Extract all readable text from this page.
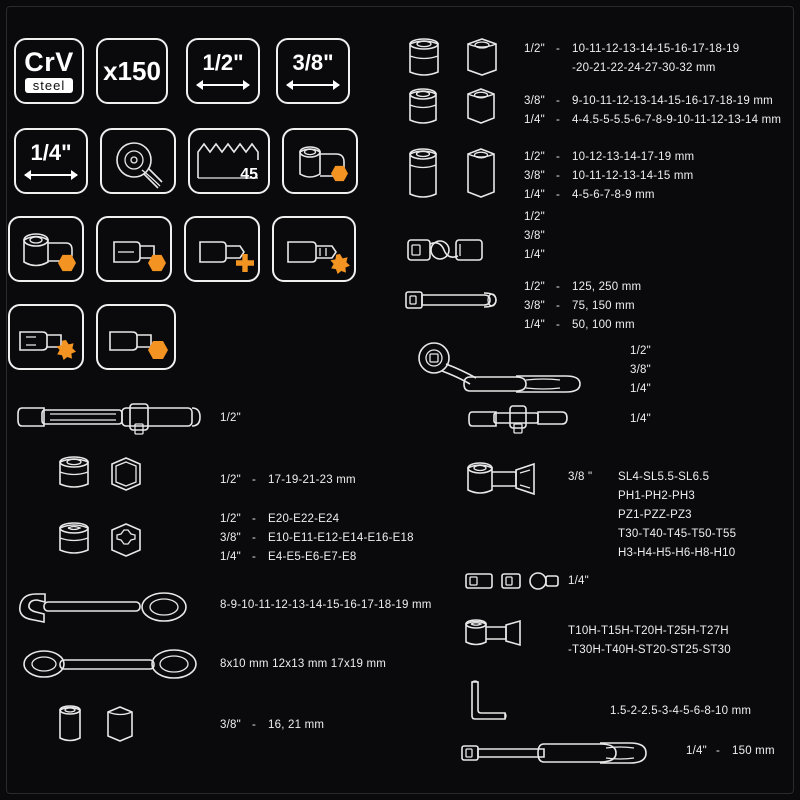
CrV
steel	x150 1/2" 3/8"
1/4"
45
1/2" - 10-11-12-13-14-15-16-17-18-19
-20-21-22-24-27-30-32 mm
3/8" - 9-10-11-12-13-14-15-16-17-18-19 mm
1/4" - 4-4.5-5-5.5-6-7-8-9-10-11-12-13-14 mm
1/2" - 10-12-13-14-17-19 mm
3/8" - 10-11-12-13-14-15 mm
1/4" - 4-5-6-7-8-9 mm
1/2"
3/8"
1/4"
1/2" - 125, 250 mm
3/8" - 75, 150 mm
1/4" - 50, 100 mm
1/2"
3/8"
1/4"
1/2"	1/4"
1/2" - 17-19-21-23 mm
1/2" - E20-E22-E24
3/8" - E10-E11-E12-E14-E16-E18
1/4" - E4-E5-E6-E7-E8
8-9-10-11-12-13-14-15-16-17-18-19 mm
8x10 mm 12x13 mm 17x19 mm
3/8" - 16, 21 mm
3/8 " SL4-SL5.5-SL6.5
PH1-PH2-PH3
PZ1-PZZ-PZ3
T30-T40-T45-T50-T55
H3-H4-H5-H6-H8-H10
1/4"
T10H-T15H-T20H-T25H-T27H
-T30H-T40H-ST20-ST25-ST30
1.5-2-2.5-3-4-5-6-8-10 mm
1/4" - 150 mm
